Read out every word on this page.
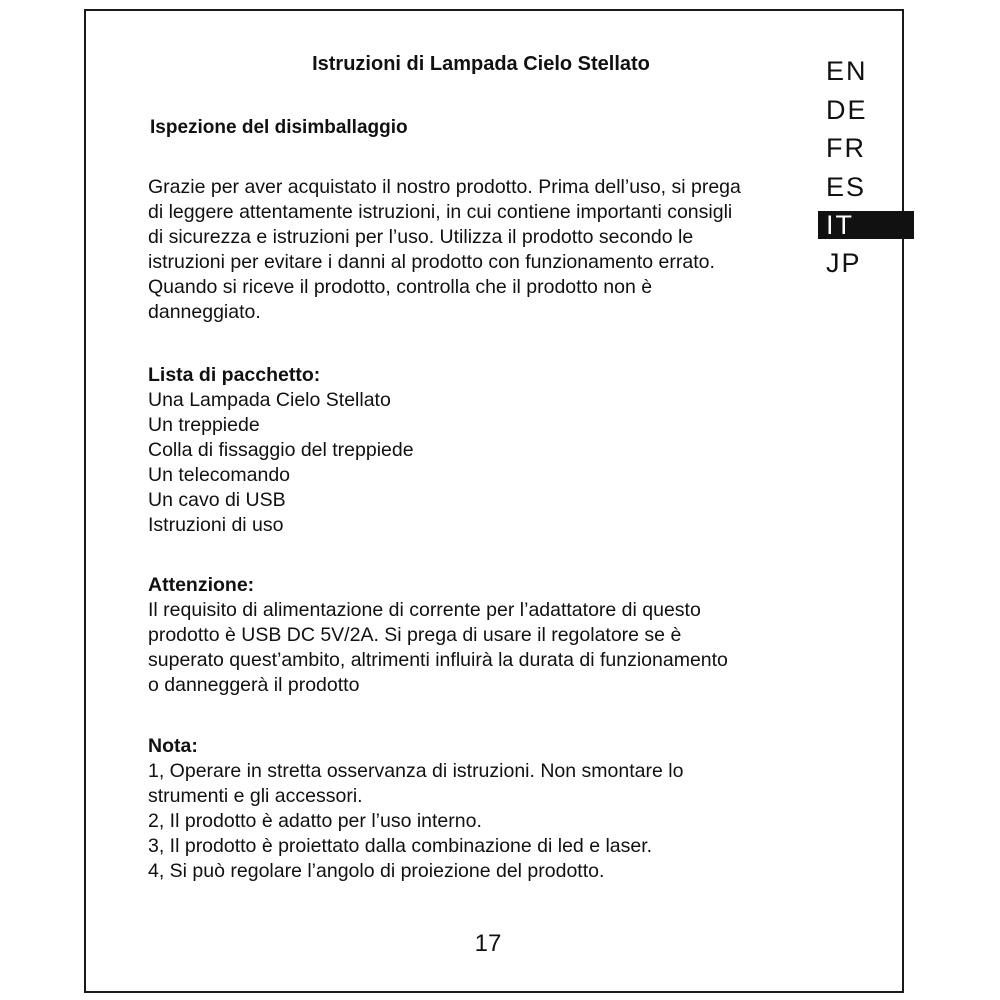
Istruzioni di Lampada Cielo Stellato	EN
DE
FR
ES
IT
JP
Ispezione del disimballaggio
Grazie per aver acquistato il nostro prodotto. Prima dell’uso, si prega
di leggere attentamente istruzioni, in cui contiene importanti consigli
di sicurezza e istruzioni per l’uso. Utilizza il prodotto secondo le
istruzioni per evitare i danni al prodotto con funzionamento errato.
Quando si riceve il prodotto, controlla che il prodotto non è
danneggiato.
Lista di pacchetto:
Una Lampada Cielo Stellato
Un treppiede
Colla di fissaggio del treppiede
Un telecomando
Un cavo di USB
Istruzioni di uso
Attenzione:
Il requisito di alimentazione di corrente per l’adattatore di questo
prodotto è USB DC 5V/2A. Si prega di usare il regolatore se è
superato quest’ambito, altrimenti influirà la durata di funzionamento
o danneggerà il prodotto
Nota:
1, Operare in stretta osservanza di istruzioni. Non smontare lo
strumenti e gli accessori.
2, Il prodotto è adatto per l’uso interno.
3, Il prodotto è proiettato dalla combinazione di led e laser.
4, Si può regolare l’angolo di proiezione del prodotto.
17
